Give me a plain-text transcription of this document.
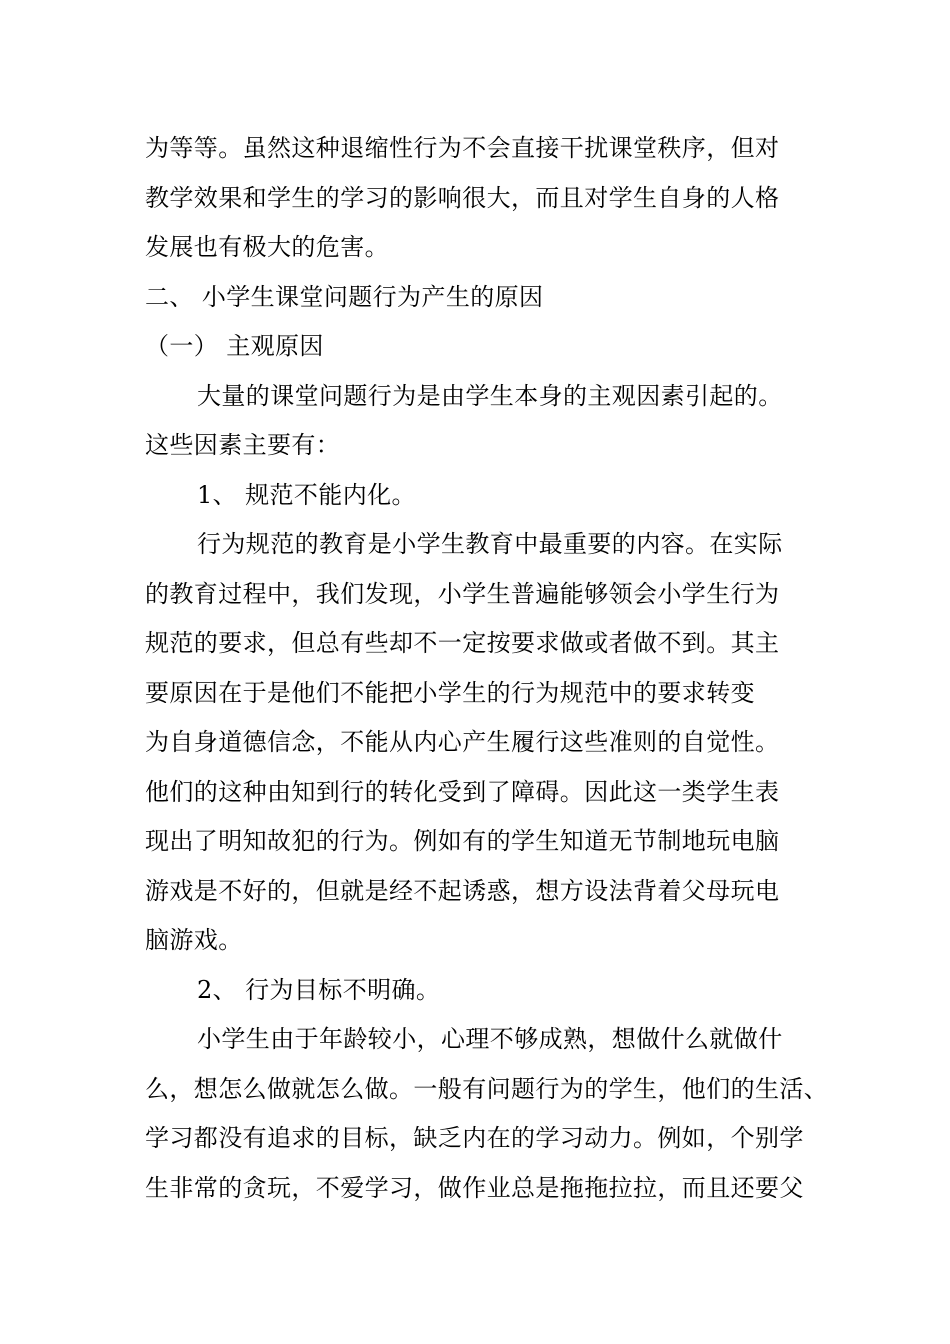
为等等。虽然这种退缩性行为不会直接干扰课堂秩序，但对
教学效果和学生的学习的影响很大，而且对学生自身的人格
发展也有极大的危害。
二、 小学生课堂问题行为产生的原因
（一） 主观原因
大量的课堂问题行为是由学生本身的主观因素引起的。
这些因素主要有：
1、 规范不能内化。
行为规范的教育是小学生教育中最重要的内容。在实际
的教育过程中，我们发现，小学生普遍能够领会小学生行为
规范的要求，但总有些却不一定按要求做或者做不到。其主
要原因在于是他们不能把小学生的行为规范中的要求转变
为自身道德信念，不能从内心产生履行这些准则的自觉性。
他们的这种由知到行的转化受到了障碍。因此这一类学生表
现出了明知故犯的行为。例如有的学生知道无节制地玩电脑
游戏是不好的，但就是经不起诱惑，想方设法背着父母玩电
脑游戏。
2、 行为目标不明确。
小学生由于年龄较小，心理不够成熟，想做什么就做什
么，想怎么做就怎么做。一般有问题行为的学生，他们的生活、
学习都没有追求的目标，缺乏内在的学习动力。例如，个别学
生非常的贪玩，不爱学习，做作业总是拖拖拉拉，而且还要父
